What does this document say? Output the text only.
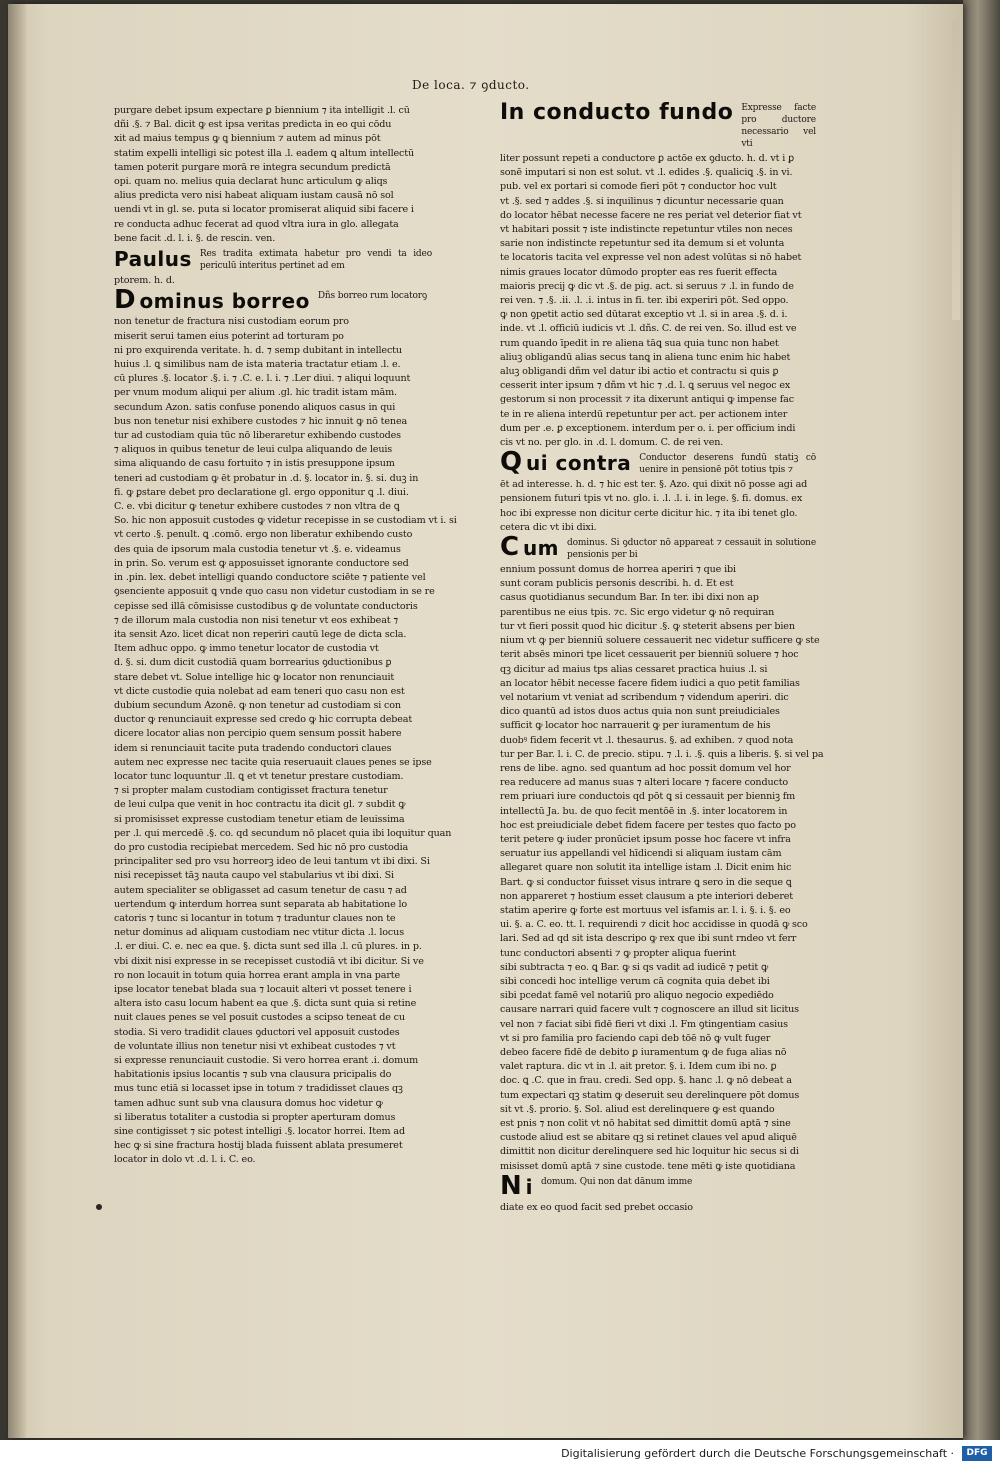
De loca. ⁊ ꝯducto.
purgare debet ipsum expectare ꝑ biennium ⁊ ita intelligit .l. cū
dñi .§. ⁊ Bal. dicit ꝙ est ipsa veritas predicta in eo qui cōdu
xit ad maius tempus ꝙ ꝗ biennium ⁊ autem ad minus pōt
statim expelli intelligi sic potest illa .l. eadem ꝗ altum intellectū
tamen poterit purgare morā re integra secundum predictā
opi. quam no. melius quia declarat hunc articulum ꝙ aliqs
alius predicta vero nisi habeat aliquam iustam causā nō sol
uendi vt in gl. se. puta si locator promiserat aliquid sibi facere i
re conducta adhuc fecerat ad quod vltra iura in glo. allegata
bene facit .d. l. i. §. de rescin. ven.
Paulus Res tradita extimata habetur pro vendi ta ideo periculū interitus pertinet ad em
ptorem. h. d.
D ominus borreo Dñs borreo rum locatorꝯ
non tenetur de fractura nisi custodiam eorum pro
miserit serui tamen eius poterint ad torturam po
ni pro exquirenda veritate. h. d. ⁊ semp dubitant in intellectu
huius .l. ꝗ similibus nam de ista materia tractatur etiam .l. e.
cū plures .§. locator .§. i. ⁊ .C. e. l. i. ⁊ .Ler diui. ⁊ aliqui loquunt
per vnum modum aliqui per alium .gl. hic tradit istam mām.
secundum Azon. satis confuse ponendo aliquos casus in qui
bus non tenetur nisi exhibere custodes ⁊ hic innuit ꝙ nō tenea
tur ad custodiam quia tūc nō liberaretur exhibendo custodes
⁊ aliquos in quibus tenetur de leui culpa aliquando de leuis
sima aliquando de casu fortuito ⁊ in istis presuppone ipsum
teneri ad custodiam ꝙ ēt probatur in .d. §. locator in. §. si. duꝫ in
fi. ꝙ ꝑstare debet pro declaratione gl. ergo opponitur ꝗ .l. diui.
C. e. vbi dicitur ꝙ tenetur exhibere custodes ⁊ non vltra de ꝗ
So. hic non apposuit custodes ꝙ videtur recepisse in se custodiam vt i. si
vt certo .§. penult. ꝗ .comō. ergo non liberatur exhibendo custo
des quia de ipsorum mala custodia tenetur vt .§. e. videamus
in prin. So. verum est ꝙ apposuisset ignorante conductore sed
in .pin. lex. debet intelligi quando conductore sciēte ⁊ patiente vel
ꝯsenciente apposuit ꝗ vnde quo casu non videtur custodiam in se re
cepisse sed illā cōmisisse custodibus ꝙ de voluntate conductoris
⁊ de illorum mala custodia non nisi tenetur vt eos exhibeat ⁊
ita sensit Azo. licet dicat non reperiri cautū lege de dicta scla.
Item adhuc oppo. ꝙ immo tenetur locator de custodia vt
d. §. si. dum dicit custodiā quam borrearius ꝯductionibus ꝑ
stare debet vt. Solue intellige hic ꝙ locator non renunciauit
vt dicte custodie quia nolebat ad eam teneri quo casu non est
dubium secundum Azonē. ꝙ non tenetur ad custodiam si con
ductor ꝙ renunciauit expresse sed credo ꝙ hic corrupta debeat
dicere locator alias non percipio quem sensum possit habere
idem si renunciauit tacite puta tradendo conductori claues
autem nec expresse nec tacite quia reseruauit claues penes se ipse
locator tunc loquuntur .ll. ꝗ et vt tenetur prestare custodiam.
⁊ si propter malam custodiam contigisset fractura tenetur
de leui culpa que venit in hoc contractu ita dicit gl. ⁊ subdit ꝙ
si promisisset expresse custodiam tenetur etiam de leuissima
per .l. qui mercedē .§. co. qd secundum nō placet quia ibi loquitur quan
do pro custodia recipiebat mercedem. Sed hic nō pro custodia
principaliter sed pro vsu horreorꝫ ideo de leui tantum vt ibi dixi. Si
nisi recepisset tāꝫ nauta caupo vel stabularius vt ibi dixi. Si
autem specialiter se obligasset ad casum tenetur de casu ⁊ ad
uertendum ꝙ interdum horrea sunt separata ab habitatione lo
catoris ⁊ tunc si locantur in totum ⁊ traduntur claues non te
netur dominus ad aliquam custodiam nec vtitur dicta .l. locus
.l. er diui. C. e. nec ea que. §. dicta sunt sed illa .l. cū plures. in p.
vbi dixit nisi expresse in se recepisset custodiā vt ibi dicitur. Si ve
ro non locauit in totum quia horrea erant ampla in vna parte
ipse locator tenebat blada sua ⁊ locauit alteri vt posset tenere i
altera isto casu locum habent ea que .§. dicta sunt quia si retine
nuit claues penes se vel posuit custodes a scipso teneat de cu
stodia. Si vero tradidit claues ꝯductori vel apposuit custodes
de voluntate illius non tenetur nisi vt exhibeat custodes ⁊ vt
si expresse renunciauit custodie. Si vero horrea erant .i. domum
habitationis ipsius locantis ⁊ sub vna clausura pricipalis do
mus tunc etiā si locasset ipse in totum ⁊ tradidisset claues qꝫ
tamen adhuc sunt sub vna clausura domus hoc videtur ꝙ
si liberatus totaliter a custodia si propter aperturam domus
sine contigisset ⁊ sic potest intelligi .§. locator horrei. Item ad
hec ꝙ si sine fractura hostij blada fuissent ablata presumeret
locator in dolo vt .d. l. i. C. eo.
In conducto fundo Expresse facte pro ductore necessario vel vti
liter possunt repeti a conductore ꝑ actōe ex ꝯducto. h. d. vt i ꝑ
sonē imputari si non est solut. vt .l. edides .§. qualiciꝗ .§. in vi.
pub. vel ex portari si comode fieri pōt ⁊ conductor hoc vult
vt .§. sed ⁊ addes .§. si inquilinus ⁊ dicuntur necessarie quan
do locator hēbat necesse facere ne res periat vel deterior fiat vt
vt habitari possit ⁊ iste indistincte repetuntur vtiles non neces
sarie non indistincte repetuntur sed ita demum si et volunta
te locatoris tacita vel expresse vel non adest volūtas si nō habet
nimis graues locator dūmodo propter eas res fuerit effecta
maioris precij ꝙ dic vt .§. de pig. act. si seruus ⁊ .l. in fundo de
rei ven. ⁊ .§. .ii. .l. .i. intus in fi. ter. ibi experiri pōt. Sed oppo.
ꝙ non ꝯpetit actio sed dūtarat exceptio vt .l. si in area .§. d. i.
inde. vt .l. officiū iudicis vt .l. dñs. C. de rei ven. So. illud est ve
rum quando īpedit in re aliena tāꝗ sua quia tunc non habet
aliuꝫ obligandū alias secus tanꝗ in aliena tunc enim hic habet
aluꝫ obligandi dñm vel datur ibi actio et contractu si quis ꝑ
cesserit inter ipsum ⁊ dñm vt hic ⁊ .d. l. ꝗ seruus vel negoc ex
gestorum si non processit ⁊ ita dixerunt antiqui ꝙ impense fac
te in re aliena interdū repetuntur per act. per actionem inter
dum per .e. ꝑ exceptionem. interdum per o. i. per officium indi
cis vt no. per glo. in .d. l. domum. C. de rei ven.
Q ui contra Conductor deserens fundū statiꝫ cō uenire in pensionē pōt totius tpis ⁊
ēt ad interesse. h. d. ⁊ hic est ter. §. Azo. qui dixit nō posse agi ad
pensionem futuri tpis vt no. glo. i. .l. .l. i. in lege. §. fi. domus. ex
hoc ibi expresse non dicitur certe dicitur hic. ⁊ ita ibi tenet glo.
cetera dic vt ibi dixi.
C um dominus. Si ꝯductor nō appareat ⁊ cessauit in solutione pensionis per bi
ennium possunt domus de horrea aperiri ⁊ que ibi
sunt coram publicis personis describi. h. d. Et est
casus quotidianus secundum Bar. In ter. ibi dixi non ap
parentibus ne eius tpis. ⁊c. Sic ergo videtur ꝙ nō requiran
tur vt fieri possit quod hic dicitur .§. ꝙ steterit absens per bien
nium vt ꝙ per bienniū soluere cessauerit nec videtur sufficere ꝙ ste
terit absēs minori tpe licet cessauerit per bienniū soluere ⁊ hoc
qꝫ dicitur ad maius tps alias cessaret practica huius .l. si
an locator hēbit necesse facere fidem iudici a quo petit familias
vel notarium vt veniat ad scribendum ⁊ videndum aperiri. dic
dico quantū ad istos duos actus quia non sunt preiudiciales
sufficit ꝙ locator hoc narrauerit ꝙ per iuramentum de his
duobꝰ fidem fecerit vt .l. thesaurus. §. ad exhiben. ⁊ quod nota
tur per Bar. l. i. C. de precio. stipu. ⁊ .l. i. .§. quis a liberis. §. si vel pa
rens de libe. agno. sed quantum ad hoc possit domum vel hor
rea reducere ad manus suas ⁊ alteri locare ⁊ facere conducto
rem priuari iure conductois qd pōt ꝗ si cessauit per bienniꝫ fm
intellectū Ja. bu. de quo fecit mentōē in .§. inter locatorem in
hoc est preiudiciale debet fidem facere per testes quo facto po
terit petere ꝙ iuder pronūciet ipsum posse hoc facere vt infra
seruatur ius appellandi vel hīdicendi si aliquam iustam cām
allegaret quare non solutit ita intellige istam .l. Dicit enim hic
Bart. ꝙ si conductor fuisset visus intrare ꝗ sero in die seque ꝗ
non appareret ⁊ hostium esset clausum a pte interiori deberet
statim aperire ꝙ forte est mortuus vel isfamis ar. l. i. §. i. §. eo
ui. §. a. C. eo. tt. l. requirendi ⁊ dicit hoc accidisse in quodā ꝙ sco
lari. Sed ad qd sit ista descripo ꝙ rex que ibi sunt rndeo vt ferr
tunc conductori absenti ⁊ ꝙ propter aliqua fuerint
sibi subtracta ⁊ eo. ꝗ Bar. ꝙ si qs vadit ad iudicē ⁊ petit ꝙ
sibi concedi hoc intellige verum cā cognita quia debet ibi
sibi pcedat famē vel notariū pro aliquo negocio expediēdo
causare narrari quid facere vult ⁊ cognoscere an illud sit licitus
vel non ⁊ faciat sibi fidē fieri vt dixi .l. Fm ꝯtingentiam casius
vt si pro familia pro faciendo capi deb tōē nō ꝙ vult fuger
debeo facere fidē de debito ꝑ iuramentum ꝙ de fuga alias nō
valet raptura. dic vt in .l. ait pretor. §. i. Idem cum ibi no. ꝑ
doc. ꝗ .C. que in frau. credi. Sed opp. §. hanc .l. ꝙ nō debeat a
tum expectari qꝫ statim ꝙ deseruit seu derelinquere pōt domus
sit vt .§. prorio. §. Sol. aliud est derelinquere ꝙ est quando
est pnis ⁊ non colit vt nō habitat sed dimittit domū aptā ⁊ sine
custode aliud est se abitare qꝫ si retinet claues vel apud aliquē
dimittit non dicitur derelinquere sed hic loquitur hic secus si di
misisset domū aptā ⁊ sine custode. tene mēti ꝙ iste quotidiana
N i domum. Qui non dat dānum imme
diate ex eo quod facit sed prebet occasio
Digitalisierung gefördert durch die Deutsche Forschungsgemeinschaft ·	DFG
